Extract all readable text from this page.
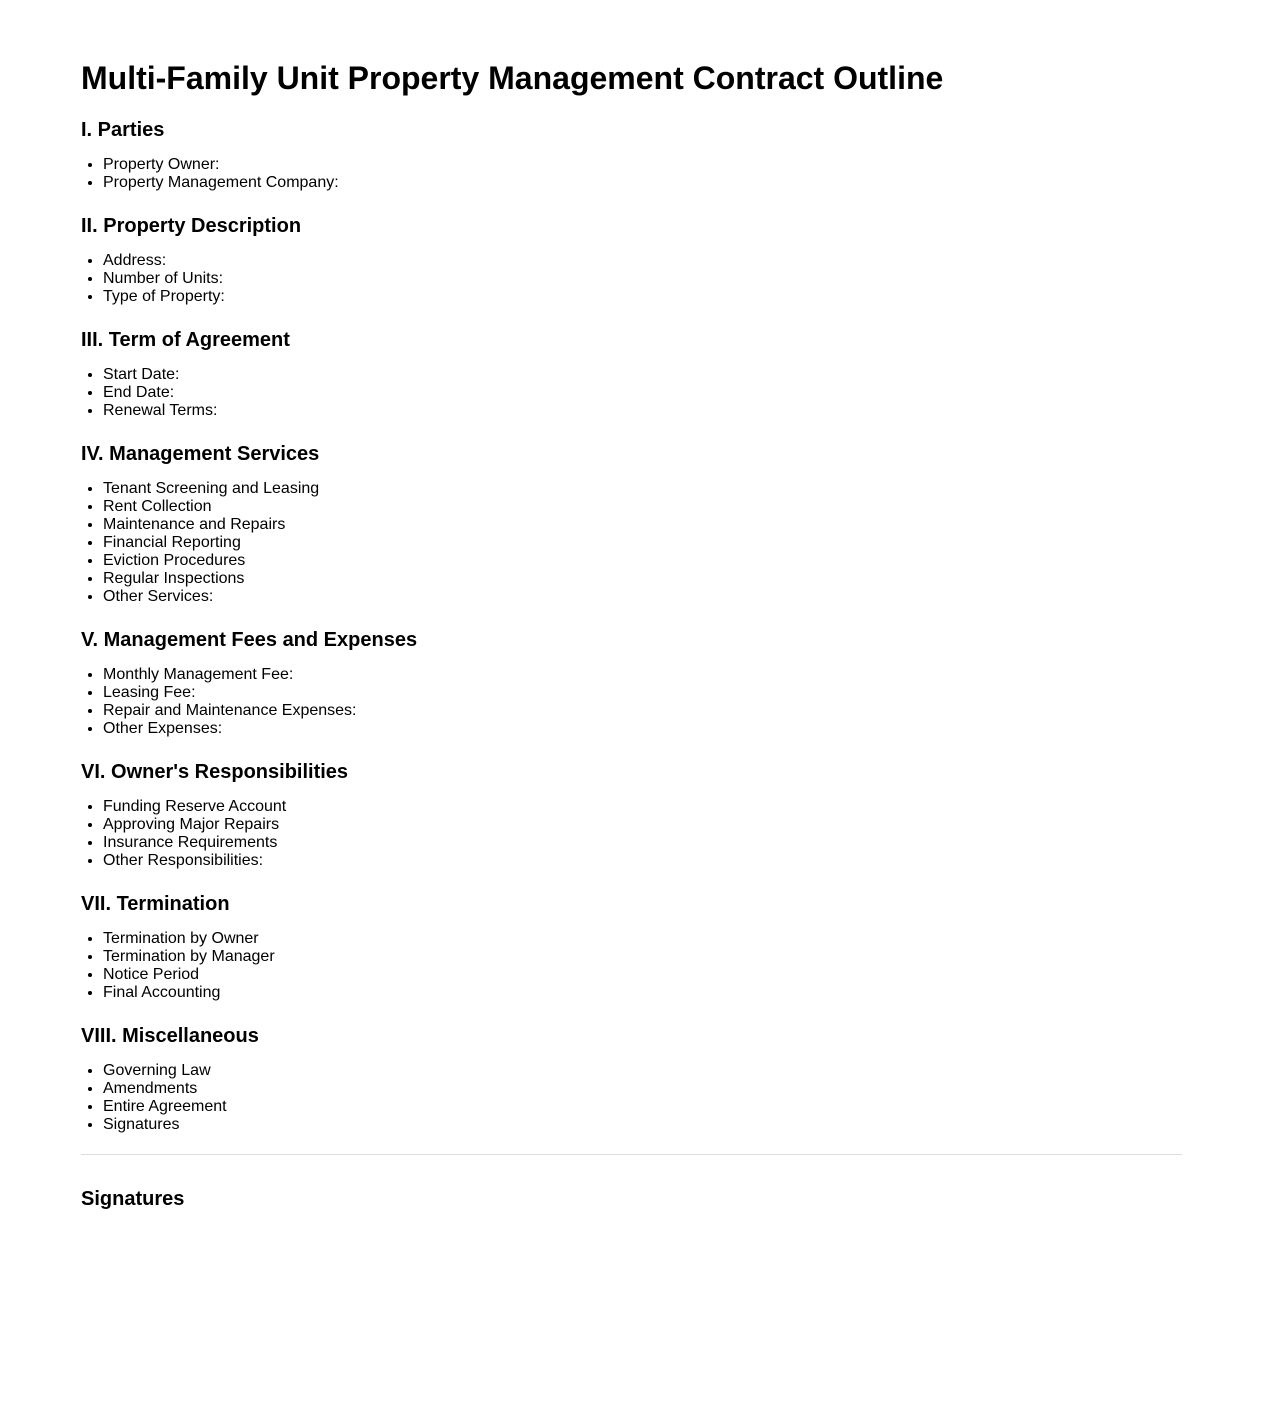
Multi-Family Unit Property Management Contract Outline
I. Parties
• Property Owner:
• Property Management Company:
II. Property Description
• Address:
• Number of Units:
• Type of Property:
III. Term of Agreement
• Start Date:
• End Date:
• Renewal Terms:
IV. Management Services
• Tenant Screening and Leasing
• Rent Collection
• Maintenance and Repairs
• Financial Reporting
• Eviction Procedures
• Regular Inspections
• Other Services:
V. Management Fees and Expenses
• Monthly Management Fee:
• Leasing Fee:
• Repair and Maintenance Expenses:
• Other Expenses:
VI. Owner's Responsibilities
• Funding Reserve Account
• Approving Major Repairs
• Insurance Requirements
• Other Responsibilities:
VII. Termination
• Termination by Owner
• Termination by Manager
• Notice Period
• Final Accounting
VIII. Miscellaneous
• Governing Law
• Amendments
• Entire Agreement
• Signatures
Signatures
